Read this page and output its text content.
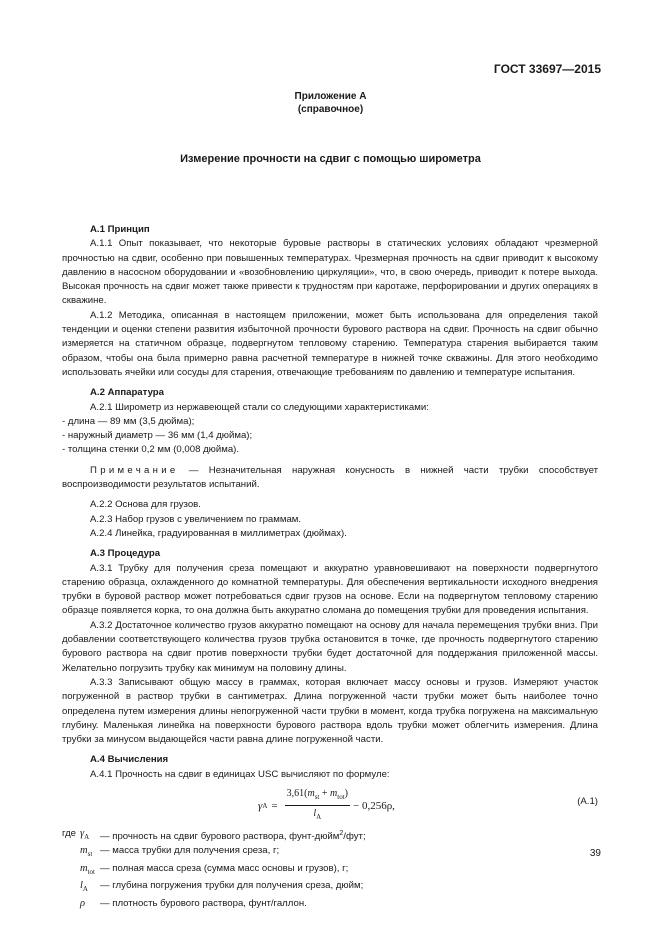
ГОСТ 33697—2015
Приложение А
(справочное)
Измерение прочности на сдвиг с помощью широметра
А.1 Принцип

А.1.1 Опыт показывает, что некоторые буровые растворы в статических условиях обладают чрезмерной прочностью на сдвиг, особенно при повышенных температурах. Чрезмерная прочность на сдвиг приводит к высокому давлению в насосном оборудовании и «возобновлению циркуляции», что, в свою очередь, приводит к потере выхода. Высокая прочность на сдвиг может также привести к трудностям при каротаже, перфорировании и других операциях в скважине.

А.1.2 Методика, описанная в настоящем приложении, может быть использована для определения такой тенденции и оценки степени развития избыточной прочности бурового раствора на сдвиг. Прочность на сдвиг обычно измеряется на статичном образце, подвергнутом тепловому старению. Температура старения выбирается таким образом, чтобы она была примерно равна расчетной температуре в нижней точке скважины. Для этого необходимо использовать ячейки или сосуды для старения, отвечающие требованиям по давлению и температуре испытания.

А.2 Аппаратура

А.2.1 Широметр из нержавеющей стали со следующими характеристиками:

- длина — 89 мм (3,5 дюйма);

- наружный диаметр — 36 мм (1,4 дюйма);

- толщина стенки 0,2 мм (0,008 дюйма).

Примечание — Незначительная наружная конусность в нижней части трубки способствует воспроизводимости результатов испытаний.

А.2.2 Основа для грузов.

А.2.3 Набор грузов с увеличением по граммам.

А.2.4 Линейка, градуированная в миллиметрах (дюймах).

А.3 Процедура

А.3.1 Трубку для получения среза помещают и аккуратно уравновешивают на поверхности подвергнутого старению образца, охлажденного до комнатной температуры. Для обеспечения вертикальности исходного внедрения трубки в буровой раствор может потребоваться сдвиг грузов на основе. Если на подвергнутом тепловому старению образце появляется корка, то она должна быть аккуратно сломана до помещения трубки для проведения испытания.

А.3.2 Достаточное количество грузов аккуратно помещают на основу для начала перемещения трубки вниз. При добавлении соответствующего количества грузов трубка остановится в точке, где прочность подвергнутого старению бурового раствора на сдвиг против поверхности трубки будет достаточной для поддержания приложенной массы. Желательно погрузить трубку как минимум на половину длины.

А.3.3 Записывают общую массу в граммах, которая включает массу основы и грузов. Измеряют участок погруженной в раствор трубки в сантиметрах. Длина погруженной части трубки может быть наиболее точно определена путем измерения длины непогруженной части трубки в момент, когда трубка погружена на максимальную глубину. Маленькая линейка на поверхности бурового раствора вдоль трубки может облегчить измерения. Длина трубки за минусом выдающейся части равна длине погруженной части.

А.4 Вычисления

А.4.1 Прочность на сдвиг в единицах USC вычисляют по формуле:

γ $A = \frac{3,61(m_{st} + m_{tot})}{l_A} - 0,256\rho$,	(А.1)
где $\gamma_A$	— прочность на сдвиг бурового раствора, фунт-дюйм$^2$/фут;
$m_{st}$ — масса трубки для получения среза, г;
$m_{tot}$ — полная масса среза (сумма масс основы и грузов), г;
$l_A$	— глубина погружения трубки для получения среза, дюйм;
ρ	— плотность бурового раствора, фунт/галлон.
39
